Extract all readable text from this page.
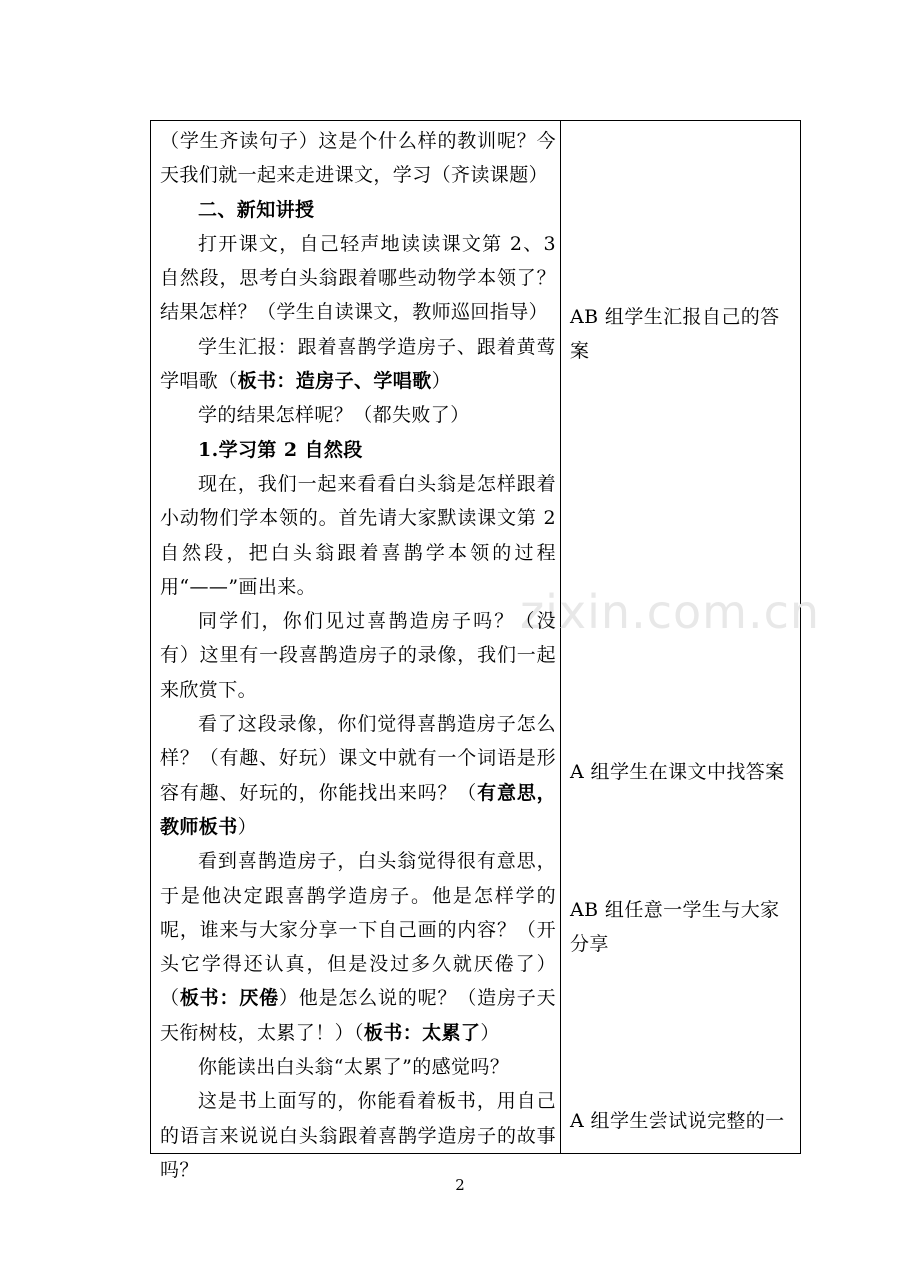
zixin.com.cn

（学生齐读句子）这是个什么样的教训呢？今天我们就一起来走进课文，学习（齐读课题）

二、新知讲授

打开课文，自己轻声地读读课文第 2、3 自然段，思考白头翁跟着哪些动物学本领了？结果怎样？（学生自读课文，教师巡回指导）

学生汇报：跟着喜鹊学造房子、跟着黄莺学唱歌（板书：造房子、学唱歌）

学的结果怎样呢？（都失败了）

1.学习第 2 自然段

现在，我们一起来看看白头翁是怎样跟着小动物们学本领的。首先请大家默读课文第 2 自然段，把白头翁跟着喜鹊学本领的过程用“——”画出来。

同学们，你们见过喜鹊造房子吗？（没有）这里有一段喜鹊造房子的录像，我们一起来欣赏下。

看了这段录像，你们觉得喜鹊造房子怎么样？（有趣、好玩）课文中就有一个词语是形容有趣、好玩的，你能找出来吗？（有意思，教师板书）

看到喜鹊造房子，白头翁觉得很有意思，于是他决定跟喜鹊学造房子。他是怎样学的呢，谁来与大家分享一下自己画的内容？（开头它学得还认真，但是没过多久就厌倦了）（板书：厌倦）他是怎么说的呢？（造房子天天衔树枝，太累了！）（板书：太累了）

你能读出白头翁“太累了”的感觉吗？

这是书上面写的，你能看着板书，用自己的语言来说说白头翁跟着喜鹊学造房子的故事吗？

AB 组学生汇报自己的答案
A 组学生在课文中找答案
AB 组任意一学生与大家分享
A 组学生尝试说完整的一
2
